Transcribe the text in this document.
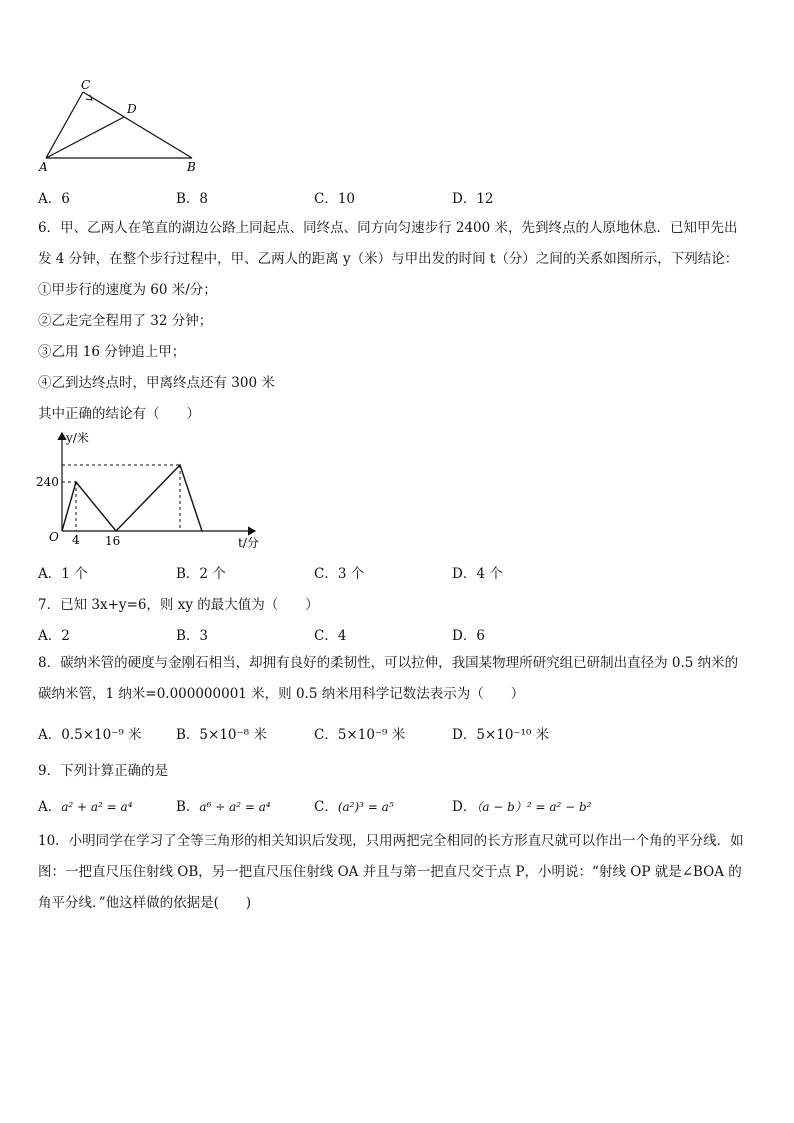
C
D
A	B
A．6	B．8	C．10	D．12
6．甲、乙两人在笔直的湖边公路上同起点、同终点、同方向匀速步行 2400 米，先到终点的人原地休息．已知甲先出
发 4 分钟，在整个步行过程中，甲、乙两人的距离 y（米）与甲出发的时间 t（分）之间的关系如图所示，下列结论：
①甲步行的速度为 60 米/分；
②乙走完全程用了 32 分钟；
③乙用 16 分钟追上甲；
④乙到达终点时，甲离终点还有 300 米
其中正确的结论有（　　）
y/米
t/分
O
240
4 16
A．1 个	B．2 个	C．3 个	D．4 个
7．已知 3x+y=6，则 xy 的最大值为（　　）
A．2	B．3	C．4	D．6
8．碳纳米管的硬度与金刚石相当，却拥有良好的柔韧性，可以拉伸，我国某物理所研究组已研制出直径为 0.5 纳米的
碳纳米管，1 纳米=0.000000001 米，则 0.5 纳米用科学记数法表示为（　　）
A．0.5×10⁻⁹ 米	B．5×10⁻⁸ 米	C．5×10⁻⁹ 米	D．5×10⁻¹⁰ 米
9．下列计算正确的是
A．a² + a² = a⁴	B．a⁶ ÷ a² = a⁴	C．(a²)³ = a⁵	D．（a − b）² = a² − b²
10．小明同学在学习了全等三角形的相关知识后发现，只用两把完全相同的长方形直尺就可以作出一个角的平分线．如
图：一把直尺压住射线 OB，另一把直尺压住射线 OA 并且与第一把直尺交于点 P，小明说：“射线 OP 就是∠BOA 的
角平分线．”他这样做的依据是(　　)
